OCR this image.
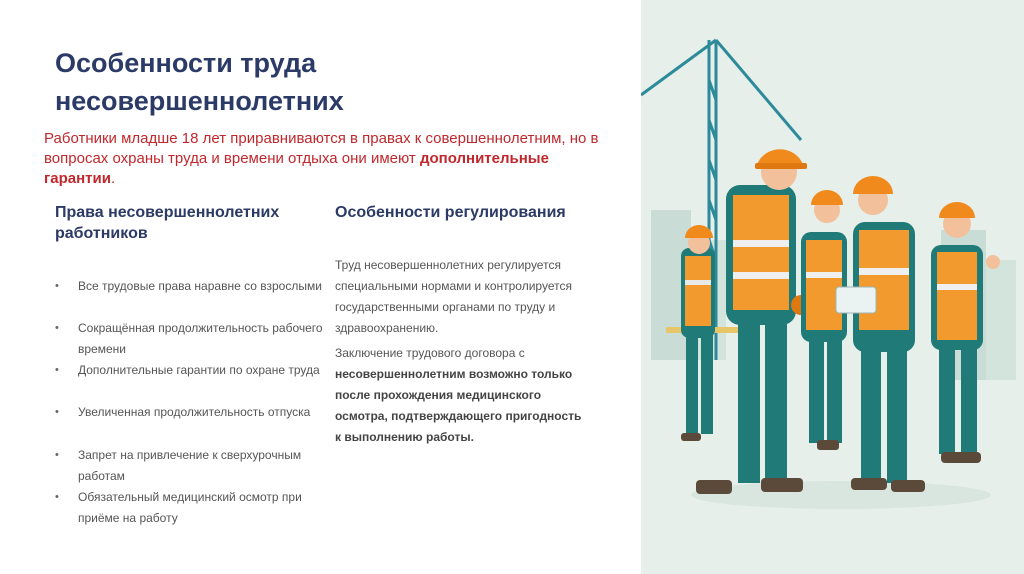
Особенности труда
несовершеннолетних
Работники младше 18 лет приравниваются в правах к совершеннолетним, но в вопросах охраны труда и времени отдыха они имеют дополнительные гарантии.
Права несовершеннолетних работников
Особенности регулирования
• Все трудовые права наравне со взрослыми
• Сокращённая продолжительность рабочего времени
• Дополнительные гарантии по охране труда
• Увеличенная продолжительность отпуска
• Запрет на привлечение к сверхурочным работам
• Обязательный медицинский осмотр при приёме на работу
Труд несовершеннолетних регулируется специальными нормами и контролируется государственными органами по труду и здравоохранению.
Заключение трудового договора с несовершеннолетним возможно только после прохождения медицинского осмотра, подтверждающего пригодность к выполнению работы.
